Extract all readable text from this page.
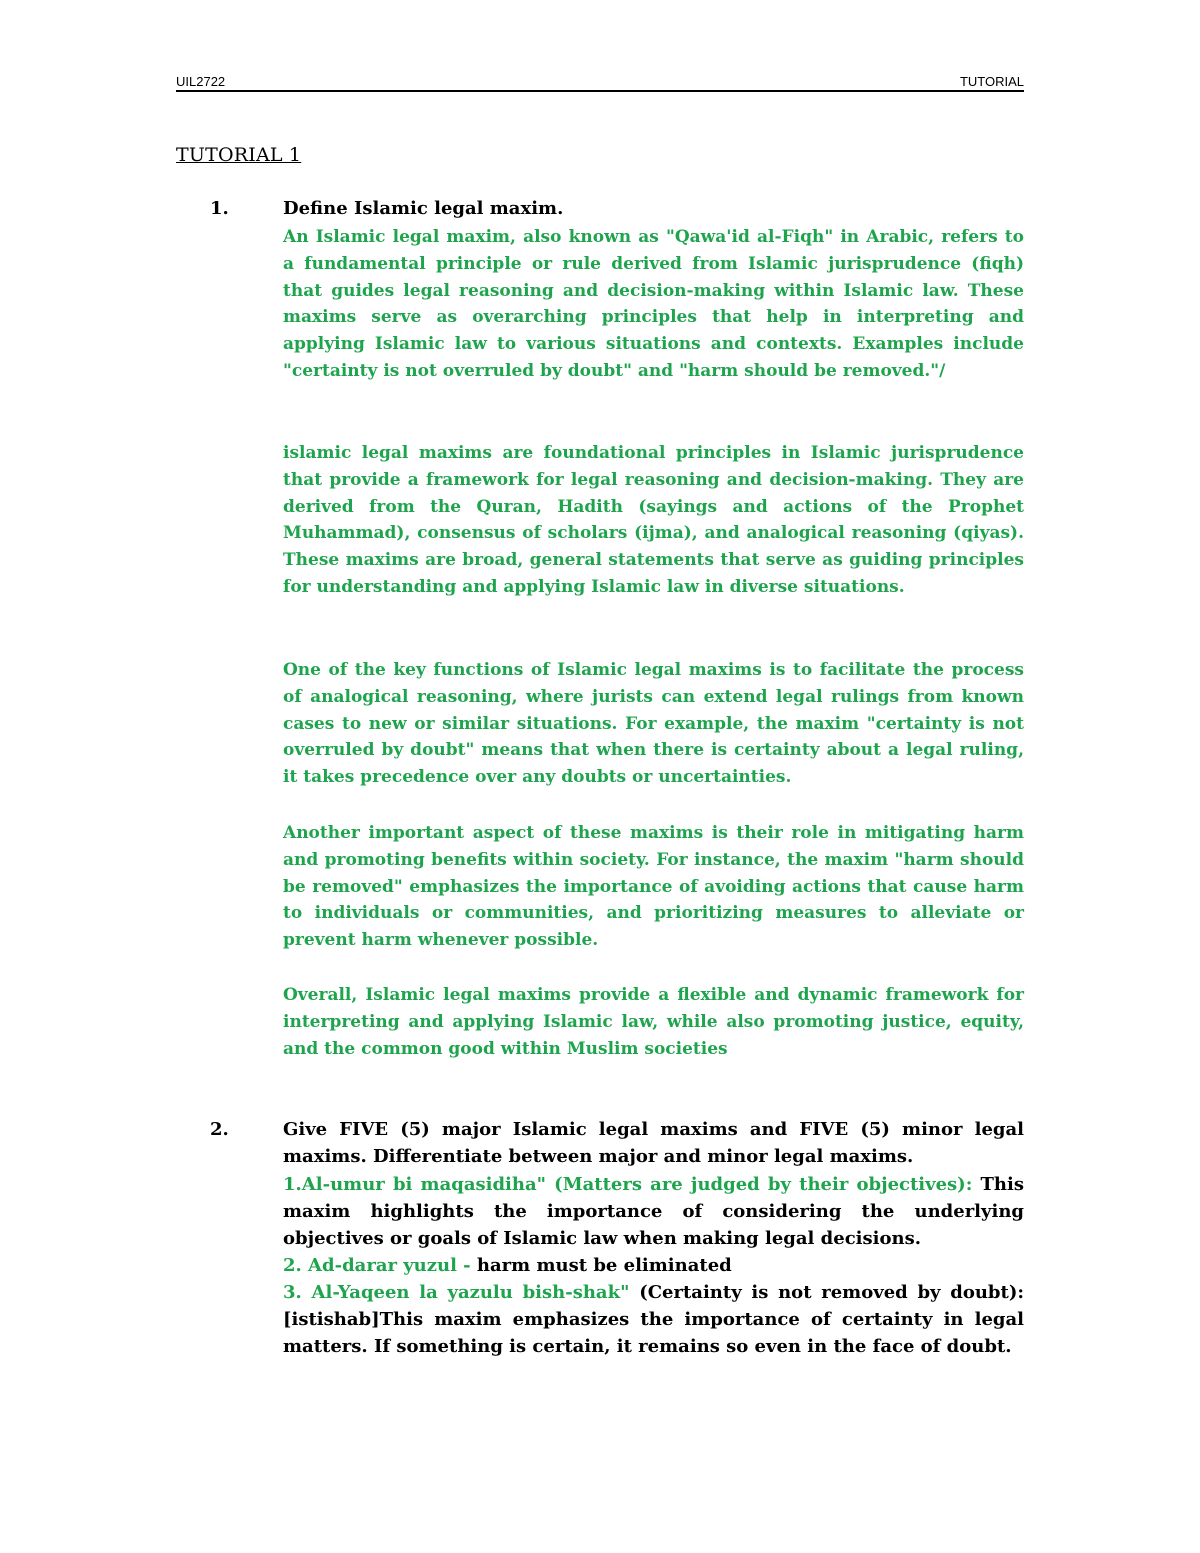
UIL2722	TUTORIAL
TUTORIAL 1
1.	Define Islamic legal maxim.

An Islamic legal maxim, also known as "Qawa'id al-Fiqh" in Arabic, refers to a fundamental principle or rule derived from Islamic jurisprudence (fiqh) that guides legal reasoning and decision-making within Islamic law. These maxims serve as overarching principles that help in interpreting and applying Islamic law to various situations and contexts. Examples include "certainty is not overruled by doubt" and "harm should be removed."/

islamic legal maxims are foundational principles in Islamic jurisprudence that provide a framework for legal reasoning and decision-making. They are derived from the Quran, Hadith (sayings and actions of the Prophet Muhammad), consensus of scholars (ijma), and analogical reasoning (qiyas). These maxims are broad, general statements that serve as guiding principles for understanding and applying Islamic law in diverse situations.

One of the key functions of Islamic legal maxims is to facilitate the process of analogical reasoning, where jurists can extend legal rulings from known cases to new or similar situations. For example, the maxim "certainty is not overruled by doubt" means that when there is certainty about a legal ruling, it takes precedence over any doubts or uncertainties.

Another important aspect of these maxims is their role in mitigating harm and promoting benefits within society. For instance, the maxim "harm should be removed" emphasizes the importance of avoiding actions that cause harm to individuals or communities, and prioritizing measures to alleviate or prevent harm whenever possible.

Overall, Islamic legal maxims provide a flexible and dynamic framework for interpreting and applying Islamic law, while also promoting justice, equity, and the common good within Muslim societies

2.	Give FIVE (5) major Islamic legal maxims and FIVE (5) minor legal maxims. Differentiate between major and minor legal maxims.
1.Al-umur bi maqasidiha" (Matters are judged by their objectives): This maxim highlights the importance of considering the underlying objectives or goals of Islamic law when making legal decisions.
2. Ad-darar yuzul - harm must be eliminated
3. Al-Yaqeen la yazulu bish-shak" (Certainty is not removed by doubt): [istishab]This maxim emphasizes the importance of certainty in legal matters. If something is certain, it remains so even in the face of doubt.
